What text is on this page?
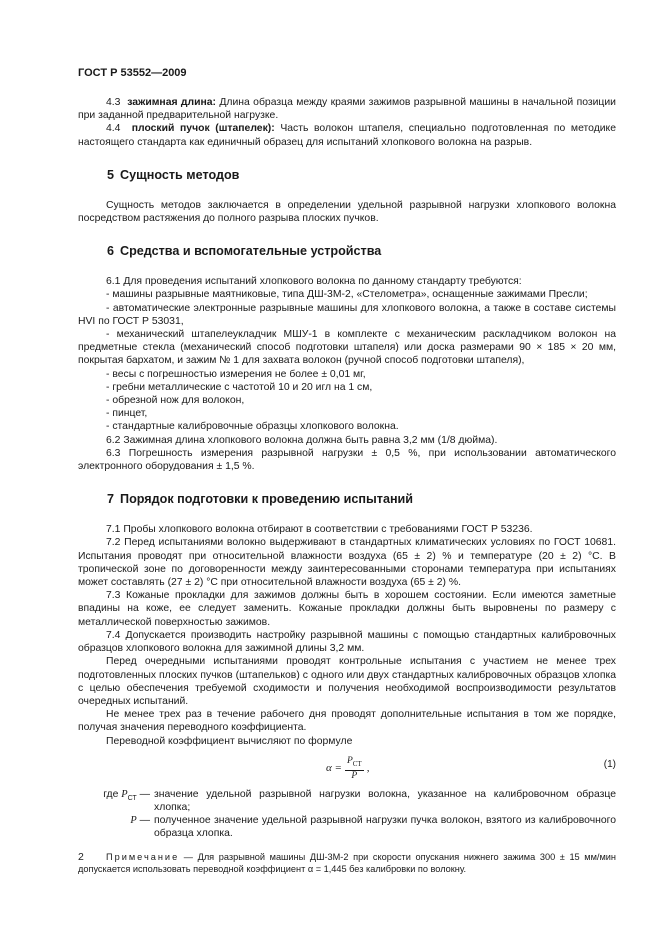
ГОСТ Р 53552—2009

4.3 зажимная длина: Длина образца между краями зажимов разрывной машины в начальной позиции при заданной предварительной нагрузке.

4.4 плоский пучок (штапелек): Часть волокон штапеля, специально подготовленная по методике настоящего стандарта как единичный образец для испытаний хлопкового волокна на разрыв.

5 Сущность методов

Сущность методов заключается в определении удельной разрывной нагрузки хлопкового волокна посредством растяжения до полного разрыва плоских пучков.

6 Средства и вспомогательные устройства

6.1 Для проведения испытаний хлопкового волокна по данному стандарту требуются:

- машины разрывные маятниковые, типа ДШ-3М-2, «Стелометра», оснащенные зажимами Пресли;

- автоматические электронные разрывные машины для хлопкового волокна, а также в составе системы HVI по ГОСТ Р 53031,

- механический штапелеукладчик МШУ-1 в комплекте с механическим раскладчиком волокон на предметные стекла (механический способ подготовки штапеля) или доска размерами 90 × 185 × 20 мм, покрытая бархатом, и зажим № 1 для захвата волокон (ручной способ подготовки штапеля),

- весы с погрешностью измерения не более ± 0,01 мг,

- гребни металлические с частотой 10 и 20 игл на 1 см,

- обрезной нож для волокон,

- пинцет,

- стандартные калибровочные образцы хлопкового волокна.

6.2 Зажимная длина хлопкового волокна должна быть равна 3,2 мм (1/8 дюйма).

6.3 Погрешность измерения разрывной нагрузки ± 0,5 %, при использовании автоматического электронного оборудования ± 1,5 %.

7 Порядок подготовки к проведению испытаний

7.1 Пробы хлопкового волокна отбирают в соответствии с требованиями ГОСТ Р 53236.

7.2 Перед испытаниями волокно выдерживают в стандартных климатических условиях по ГОСТ 10681. Испытания проводят при относительной влажности воздуха (65 ± 2) % и температуре (20 ± 2) °С. В тропической зоне по договоренности между заинтересованными сторонами температура при испытаниях может составлять (27 ± 2) °С при относительной влажности воздуха (65 ± 2) %.

7.3 Кожаные прокладки для зажимов должны быть в хорошем состоянии. Если имеются заметные впадины на коже, ее следует заменить. Кожаные прокладки должны быть выровнены по размеру с металлической поверхностью зажимов.

7.4 Допускается производить настройку разрывной машины с помощью стандартных калибровочных образцов хлопкового волокна для зажимной длины 3,2 мм.

Перед очередными испытаниями проводят контрольные испытания с участием не менее трех подготовленных плоских пучков (штапельков) с одного или двух стандартных калибровочных образцов хлопка с целью обеспечения требуемой сходимости и получения необходимой воспроизводимости результатов очередных испытаний.

Не менее трех раз в течение рабочего дня проводят дополнительные испытания в том же порядке, получая значения переводного коэффициента.

Переводной коэффициент вычисляют по формуле

$\alpha = \frac{P_{СТ}}{P}$ ,	(1)
где $P_{СТ}$ — значение удельной разрывной нагрузки волокна, указанное на калибровочном образце хлопка;
P — полученное значение удельной разрывной нагрузки пучка волокон, взятого из калибровочного образца хлопка.

Примечание — Для разрывной машины ДШ-3М-2 при скорости опускания нижнего зажима 300 ± 15 мм/мин допускается использовать переводной коэффициент α = 1,445 без калибровки по волокну.

2
